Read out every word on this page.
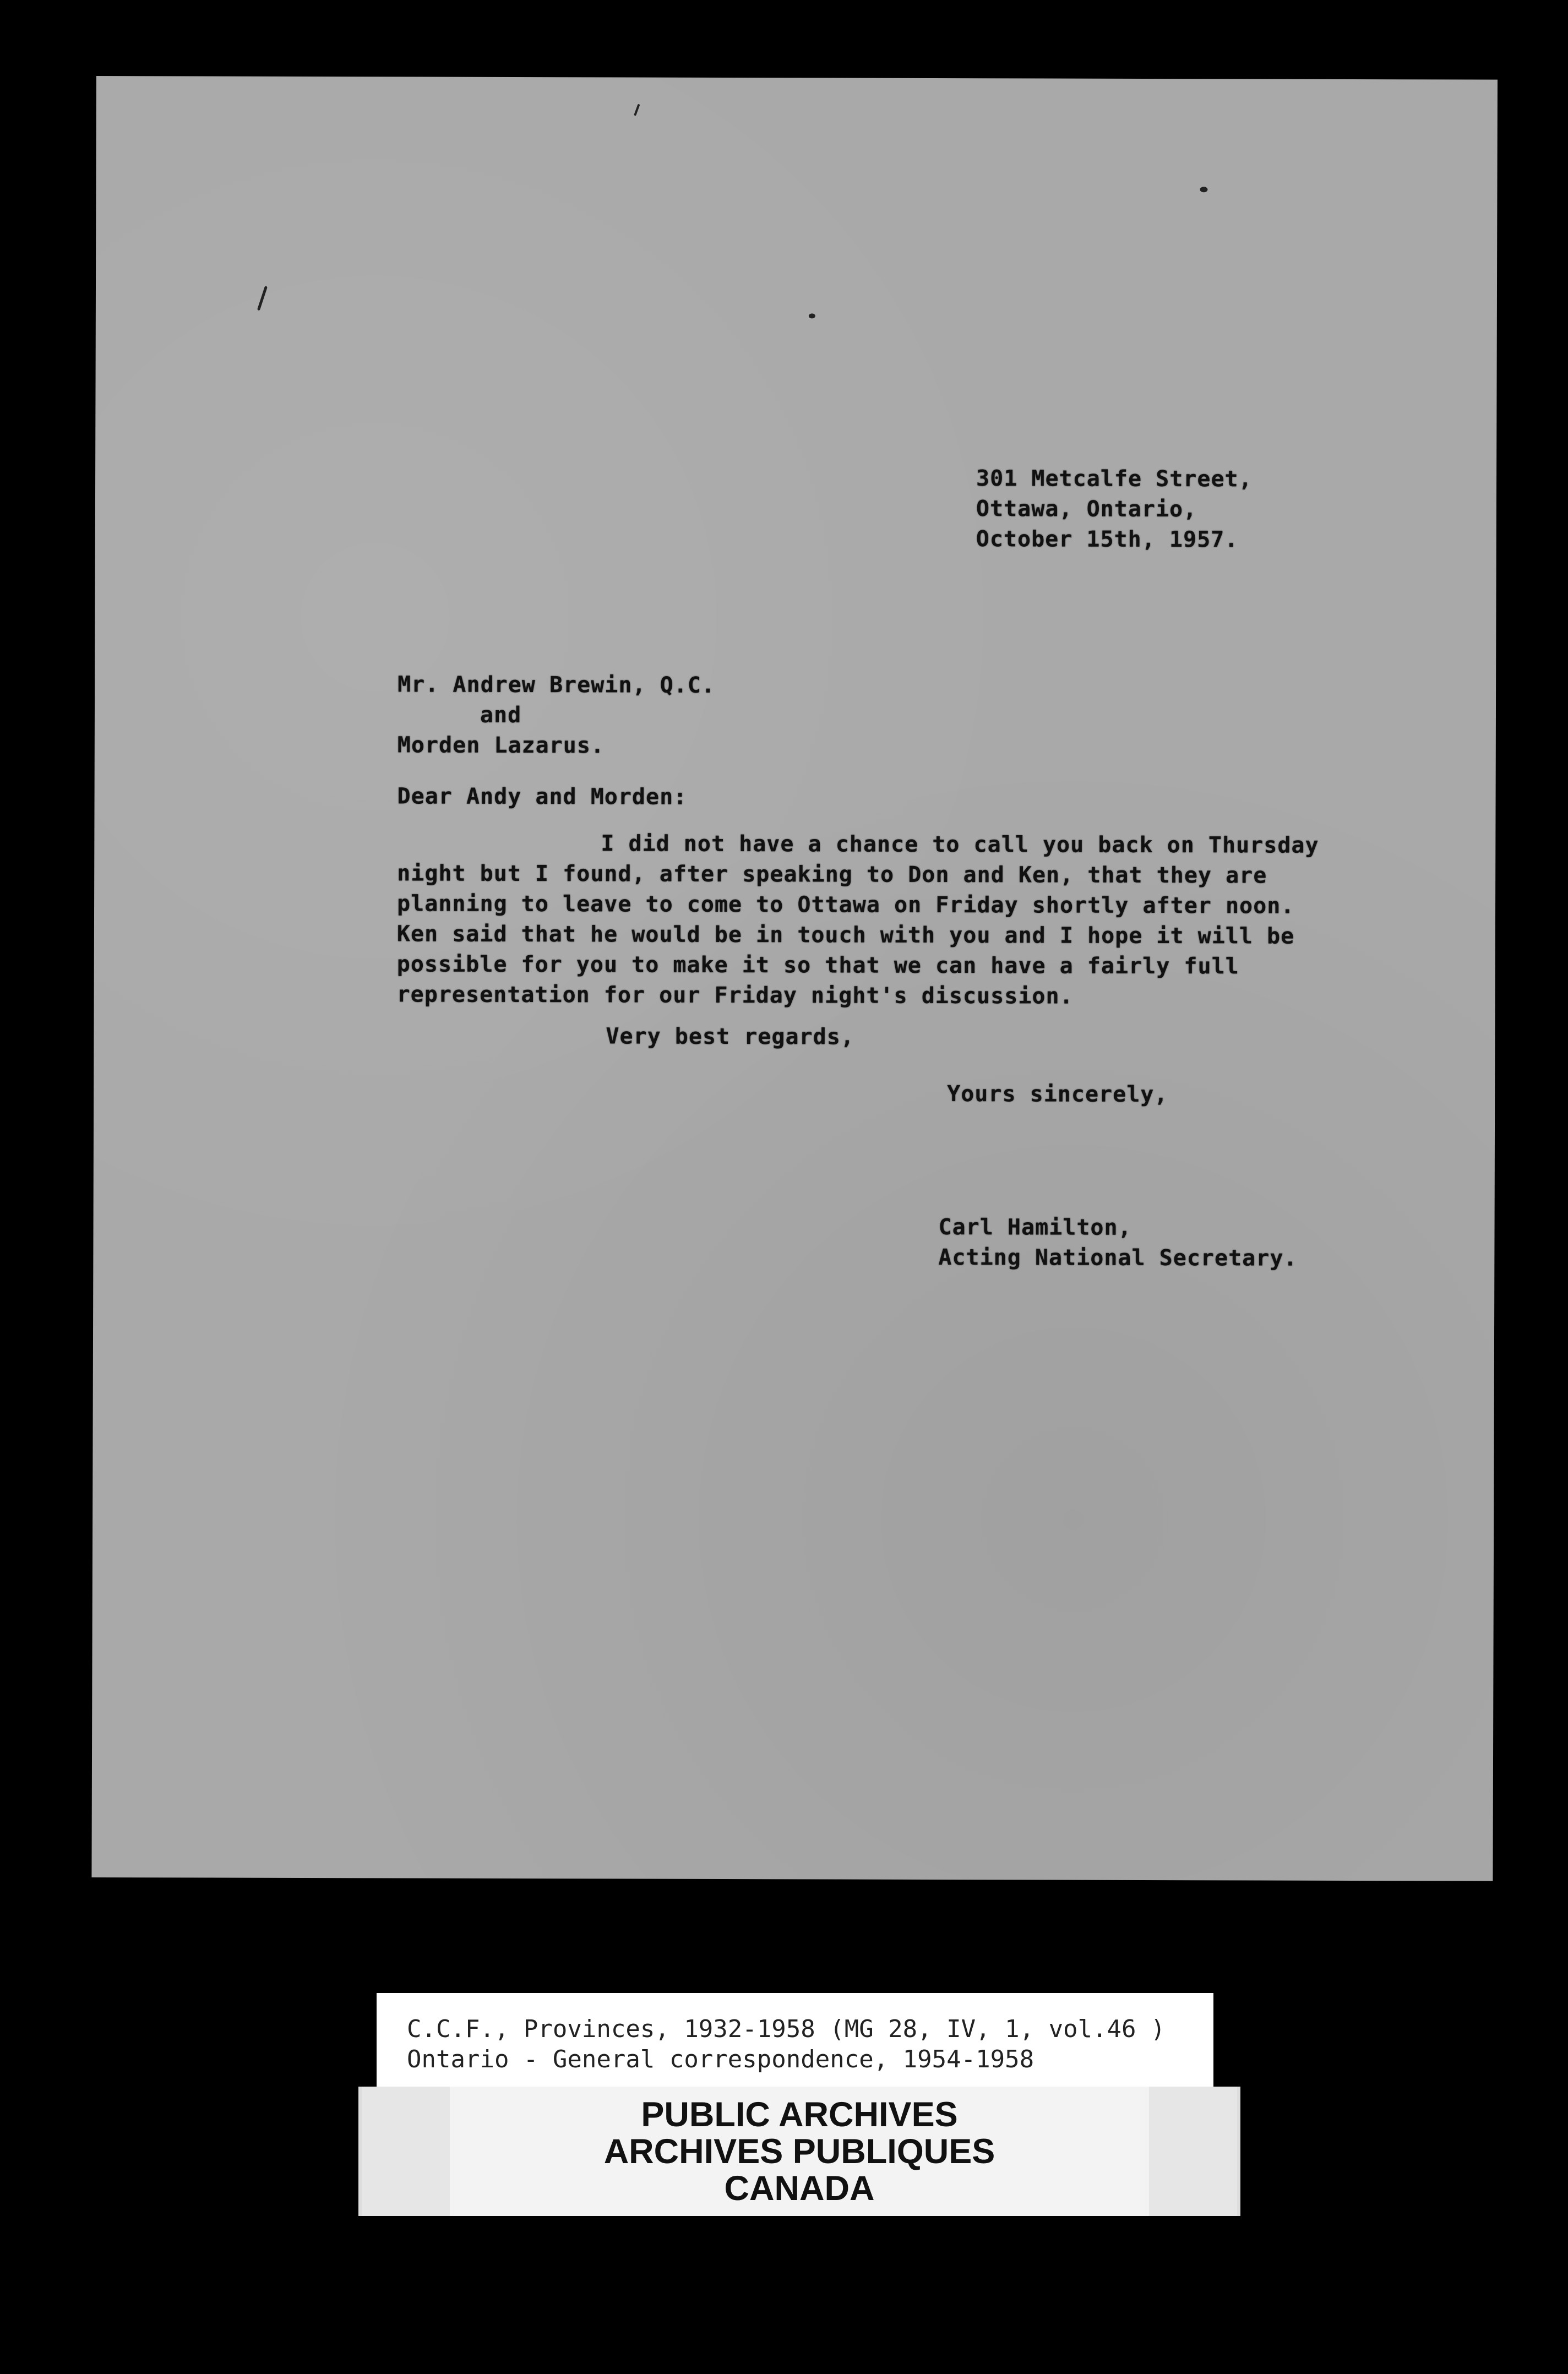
301 Metcalfe Street,
Ottawa, Ontario,
October 15th, 1957.
Mr. Andrew Brewin, Q.C.
and
Morden Lazarus.
Dear Andy and Morden:
I did not have a chance to call you back on Thursday
night but I found, after speaking to Don and Ken, that they are
planning to leave to come to Ottawa on Friday shortly after noon.
Ken said that he would be in touch with you and I hope it will be
possible for you to make it so that we can have a fairly full
representation for our Friday night's discussion.
Very best regards,
Yours sincerely,
Carl Hamilton,
Acting National Secretary.
C.C.F., Provinces, 1932-1958 (MG 28, IV, 1, vol.46 )
Ontario - General correspondence, 1954-1958
PUBLIC ARCHIVES
ARCHIVES PUBLIQUES
CANADA
